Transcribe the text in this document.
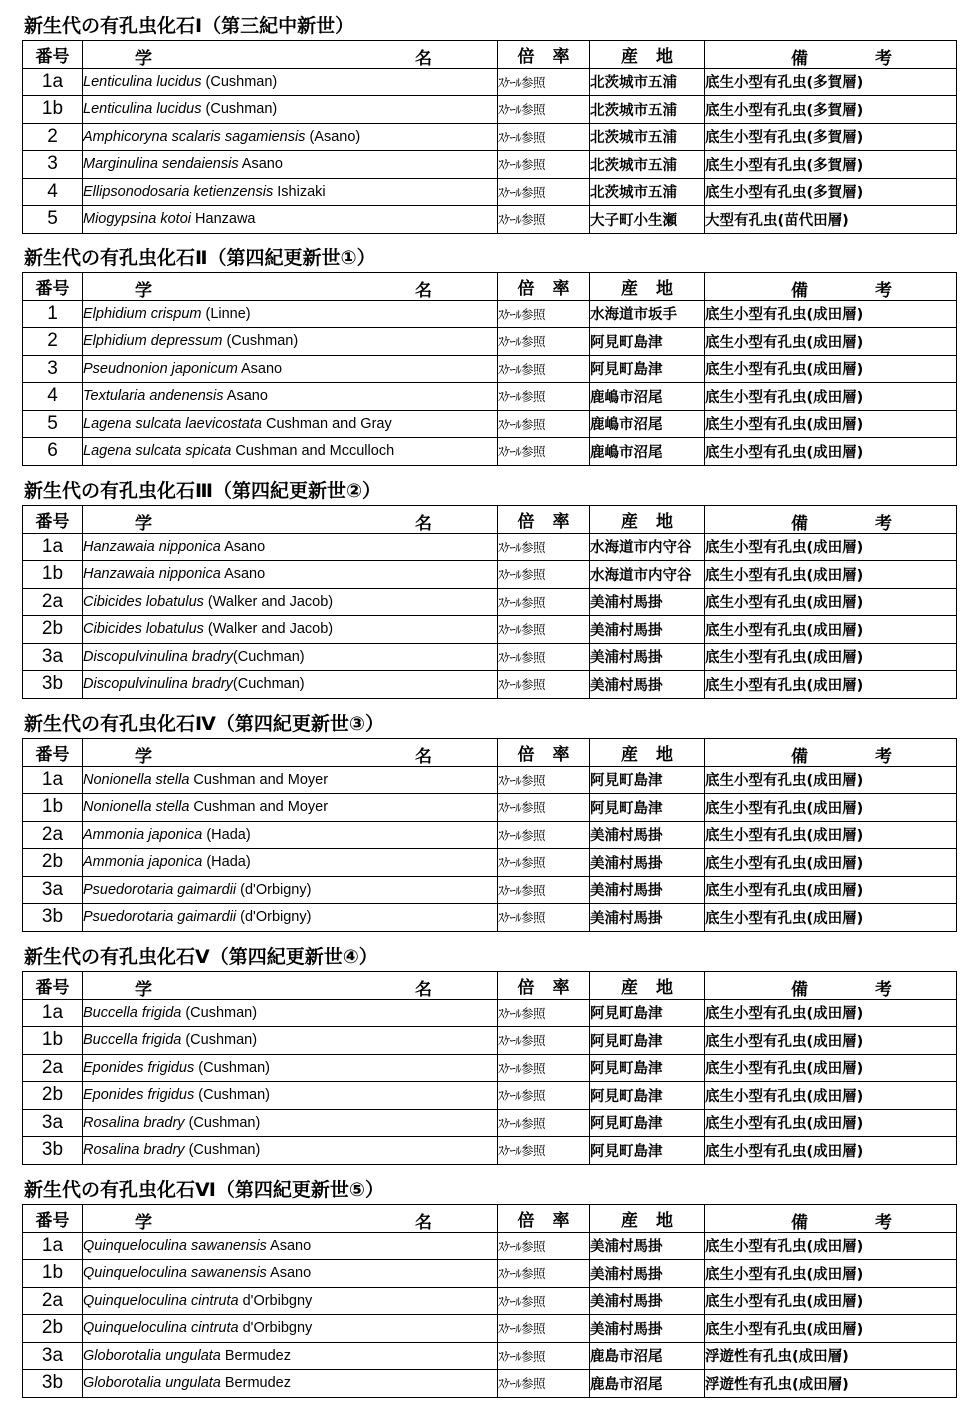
新生代の有孔虫化石Ⅰ（第三紀中新世）
番号	学 名	倍率	産地	備 考

1a	Lenticulina lucidus (Cushman)	ｽｹｰﾙ参照	北茨城市五浦	底生小型有孔虫(多賀層)
1b	Lenticulina lucidus (Cushman)	ｽｹｰﾙ参照	北茨城市五浦	底生小型有孔虫(多賀層)
2	Amphicoryna scalaris sagamiensis (Asano)	ｽｹｰﾙ参照	北茨城市五浦	底生小型有孔虫(多賀層)
3	Marginulina sendaiensis Asano	ｽｹｰﾙ参照	北茨城市五浦	底生小型有孔虫(多賀層)
4	Ellipsonodosaria ketienzensis Ishizaki	ｽｹｰﾙ参照	北茨城市五浦	底生小型有孔虫(多賀層)
5	Miogypsina kotoi Hanzawa	ｽｹｰﾙ参照	大子町小生瀬	大型有孔虫(苗代田層)
新生代の有孔虫化石Ⅱ（第四紀更新世①）
番号	学 名	倍率	産地	備 考

1	Elphidium crispum (Linne)	ｽｹｰﾙ参照	水海道市坂手	底生小型有孔虫(成田層)
2	Elphidium depressum (Cushman)	ｽｹｰﾙ参照	阿見町島津	底生小型有孔虫(成田層)
3	Pseudnonion japonicum Asano	ｽｹｰﾙ参照	阿見町島津	底生小型有孔虫(成田層)
4	Textularia andenensis Asano	ｽｹｰﾙ参照	鹿嶋市沼尾	底生小型有孔虫(成田層)
5	Lagena sulcata laevicostata Cushman and Gray	ｽｹｰﾙ参照	鹿嶋市沼尾	底生小型有孔虫(成田層)
6	Lagena sulcata spicata Cushman and Mcculloch	ｽｹｰﾙ参照	鹿嶋市沼尾	底生小型有孔虫(成田層)
新生代の有孔虫化石Ⅲ（第四紀更新世②）
番号	学 名	倍率	産地	備 考

1a	Hanzawaia nipponica Asano	ｽｹｰﾙ参照	水海道市内守谷	底生小型有孔虫(成田層)
1b	Hanzawaia nipponica Asano	ｽｹｰﾙ参照	水海道市内守谷	底生小型有孔虫(成田層)
2a	Cibicides lobatulus (Walker and Jacob)	ｽｹｰﾙ参照	美浦村馬掛	底生小型有孔虫(成田層)
2b	Cibicides lobatulus (Walker and Jacob)	ｽｹｰﾙ参照	美浦村馬掛	底生小型有孔虫(成田層)
3a	Discopulvinulina bradry(Cuchman)	ｽｹｰﾙ参照	美浦村馬掛	底生小型有孔虫(成田層)
3b	Discopulvinulina bradry(Cuchman)	ｽｹｰﾙ参照	美浦村馬掛	底生小型有孔虫(成田層)
新生代の有孔虫化石Ⅳ（第四紀更新世③）
番号	学 名	倍率	産地	備 考

1a	Nonionella stella Cushman and Moyer	ｽｹｰﾙ参照	阿見町島津	底生小型有孔虫(成田層)
1b	Nonionella stella Cushman and Moyer	ｽｹｰﾙ参照	阿見町島津	底生小型有孔虫(成田層)
2a	Ammonia japonica (Hada)	ｽｹｰﾙ参照	美浦村馬掛	底生小型有孔虫(成田層)
2b	Ammonia japonica (Hada)	ｽｹｰﾙ参照	美浦村馬掛	底生小型有孔虫(成田層)
3a	Psuedorotaria gaimardii (d'Orbigny)	ｽｹｰﾙ参照	美浦村馬掛	底生小型有孔虫(成田層)
3b	Psuedorotaria gaimardii (d'Orbigny)	ｽｹｰﾙ参照	美浦村馬掛	底生小型有孔虫(成田層)
新生代の有孔虫化石Ⅴ（第四紀更新世④）
番号	学 名	倍率	産地	備 考

1a	Buccella frigida (Cushman)	ｽｹｰﾙ参照	阿見町島津	底生小型有孔虫(成田層)
1b	Buccella frigida (Cushman)	ｽｹｰﾙ参照	阿見町島津	底生小型有孔虫(成田層)
2a	Eponides frigidus (Cushman)	ｽｹｰﾙ参照	阿見町島津	底生小型有孔虫(成田層)
2b	Eponides frigidus (Cushman)	ｽｹｰﾙ参照	阿見町島津	底生小型有孔虫(成田層)
3a	Rosalina bradry (Cushman)	ｽｹｰﾙ参照	阿見町島津	底生小型有孔虫(成田層)
3b	Rosalina bradry (Cushman)	ｽｹｰﾙ参照	阿見町島津	底生小型有孔虫(成田層)
新生代の有孔虫化石Ⅵ（第四紀更新世⑤）
番号	学 名	倍率	産地	備 考

1a	Quinqueloculina sawanensis Asano	ｽｹｰﾙ参照	美浦村馬掛	底生小型有孔虫(成田層)
1b	Quinqueloculina sawanensis Asano	ｽｹｰﾙ参照	美浦村馬掛	底生小型有孔虫(成田層)
2a	Quinqueloculina cintruta d'Orbibgny	ｽｹｰﾙ参照	美浦村馬掛	底生小型有孔虫(成田層)
2b	Quinqueloculina cintruta d'Orbibgny	ｽｹｰﾙ参照	美浦村馬掛	底生小型有孔虫(成田層)
3a	Globorotalia ungulata Bermudez	ｽｹｰﾙ参照	鹿島市沼尾	浮遊性有孔虫(成田層)
3b	Globorotalia ungulata Bermudez	ｽｹｰﾙ参照	鹿島市沼尾	浮遊性有孔虫(成田層)
